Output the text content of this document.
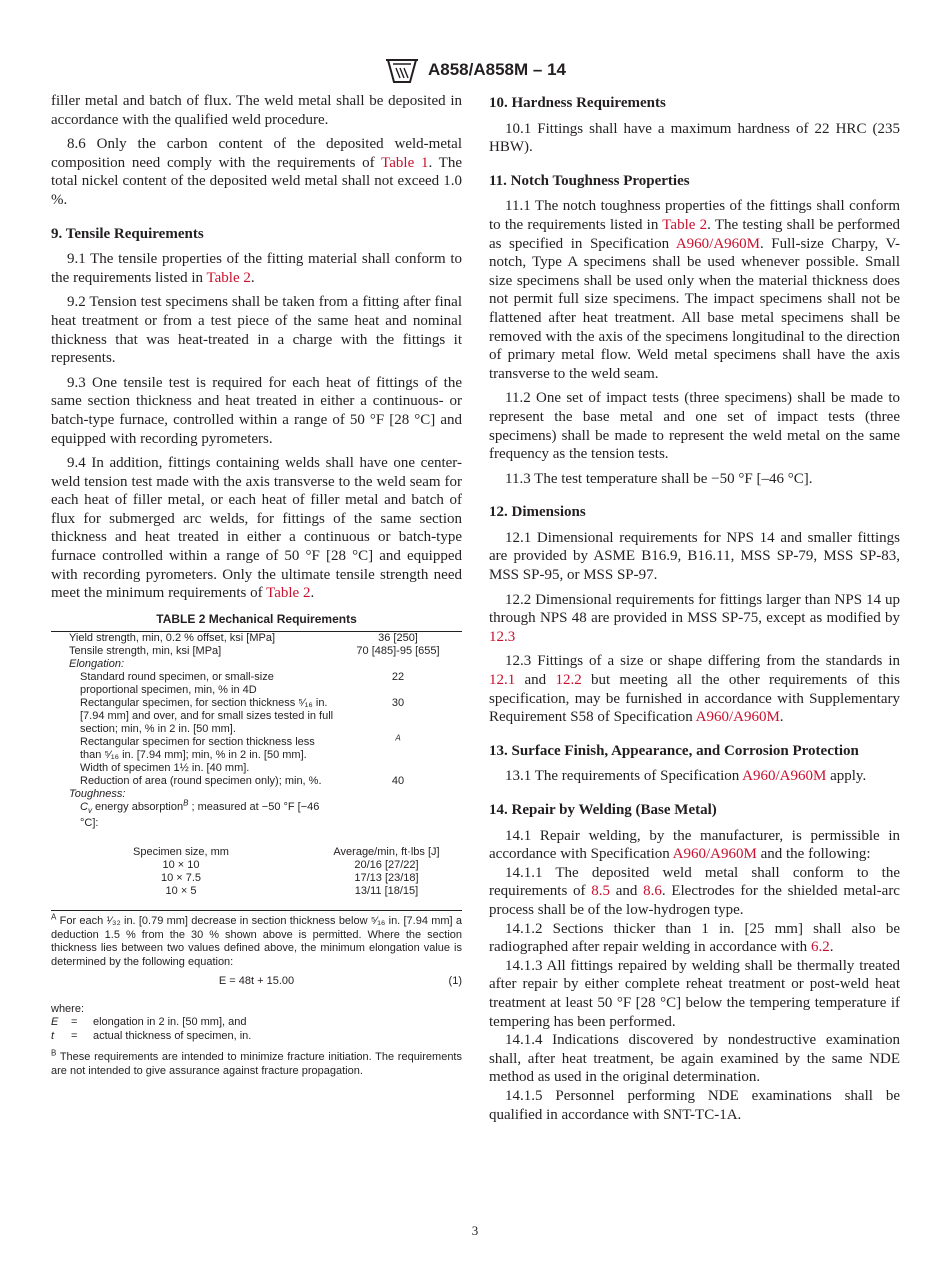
A858/A858M – 14

filler metal and batch of flux. The weld metal shall be deposited in accordance with the qualified weld procedure.

8.6 Only the carbon content of the deposited weld-metal composition need comply with the requirements of Table 1. The total nickel content of the deposited weld metal shall not exceed 1.0 %.

9. Tensile Requirements

9.1 The tensile properties of the fitting material shall conform to the requirements listed in Table 2.

9.2 Tension test specimens shall be taken from a fitting after final heat treatment or from a test piece of the same heat and nominal thickness that was heat-treated in a charge with the fittings it represents.

9.3 One tensile test is required for each heat of fittings of the same section thickness and heat treated in either a continuous- or batch-type furnace, controlled within a range of 50 °F [28 °C] and equipped with recording pyrometers.

9.4 In addition, fittings containing welds shall have one center-weld tension test made with the axis transverse to the weld seam for each heat of filler metal, or each heat of filler metal and batch of flux for submerged arc welds, for fittings of the same section thickness and heat treated in either a continuous or batch-type furnace controlled within a range of 50 °F [28 °C] and equipped with recording pyrometers. Only the ultimate tensile strength need meet the minimum requirements of Table 2.

TABLE 2 Mechanical Requirements
Yield strength, min, 0.2 % offset, ksi [MPa]	36 [250]
Tensile strength, min, ksi [MPa]	70 [485]-95 [655]
Elongation:	
Standard round specimen, or small-size proportional specimen, min, % in 4D	22
Rectangular specimen, for section thickness ⁵⁄₁₆ in. [7.94 mm] and over, and for small sizes tested in full section; min, % in 2 in. [50 mm].	30
Rectangular specimen for section thickness less than ⁵⁄₁₆ in. [7.94 mm]; min, % in 2 in. [50 mm].	$^A$
Width of specimen 1½ in. [40 mm].	
Reduction of area (round specimen only); min, %.	40
Toughness:	
$C_v$ energy absorption$^B$ ; measured at −50 °F [−46 °C]:	
Specimen size, mm	Average/min, ft·lbs [J]
10 × 10	20/16 [27/22]
10 × 7.5	17/13 [23/18]
10 × 5	13/11 [18/15]

$^A$ For each ¹⁄₃₂ in. [0.79 mm] decrease in section thickness below ⁵⁄₁₆ in. [7.94 mm] a deduction 1.5 % from the 30 % shown above is permitted. Where the section thickness lies between two values defined above, the minimum elongation value is determined by the following equation:

E = 48t + 15.00	(1)
where:
E	=	elongation in 2 in. [50 mm], and
t	=	actual thickness of specimen, in.

$^B$ These requirements are intended to minimize fracture initiation. The requirements are not intended to give assurance against fracture propagation.

10. Hardness Requirements

10.1 Fittings shall have a maximum hardness of 22 HRC (235 HBW).

11. Notch Toughness Properties

11.1 The notch toughness properties of the fittings shall conform to the requirements listed in Table 2. The testing shall be performed as specified in Specification A960/A960M. Full-size Charpy, V-notch, Type A specimens shall be used whenever possible. Small size specimens shall be used only when the material thickness does not permit full size specimens. The impact specimens shall not be flattened after heat treatment. All base metal specimens shall be removed with the axis of the specimens longitudinal to the direction of primary metal flow. Weld metal specimens shall have the axis transverse to the weld seam.

11.2 One set of impact tests (three specimens) shall be made to represent the base metal and one set of impact tests (three specimens) shall be made to represent the weld metal on the same frequency as the tension tests.

11.3 The test temperature shall be −50 °F [–46 °C].

12. Dimensions

12.1 Dimensional requirements for NPS 14 and smaller fittings are provided by ASME B16.9, B16.11, MSS SP-79, MSS SP-83, MSS SP-95, or MSS SP-97.

12.2 Dimensional requirements for fittings larger than NPS 14 up through NPS 48 are provided in MSS SP-75, except as modified by 12.3

12.3 Fittings of a size or shape differing from the standards in 12.1 and 12.2 but meeting all the other requirements of this specification, may be furnished in accordance with Supplementary Requirement S58 of Specification A960/A960M.

13. Surface Finish, Appearance, and Corrosion Protection

13.1 The requirements of Specification A960/A960M apply.

14. Repair by Welding (Base Metal)

14.1 Repair welding, by the manufacturer, is permissible in accordance with Specification A960/A960M and the following:

14.1.1 The deposited weld metal shall conform to the requirements of 8.5 and 8.6. Electrodes for the shielded metal-arc process shall be of the low-hydrogen type.

14.1.2 Sections thicker than 1 in. [25 mm] shall also be radiographed after repair welding in accordance with 6.2.

14.1.3 All fittings repaired by welding shall be thermally treated after repair by either complete reheat treatment or post-weld heat treatment at least 50 °F [28 °C] below the tempering temperature if tempering has been performed.

14.1.4 Indications discovered by nondestructive examination shall, after heat treatment, be again examined by the same NDE method as used in the original determination.

14.1.5 Personnel performing NDE examinations shall be qualified in accordance with SNT-TC-1A.

3
